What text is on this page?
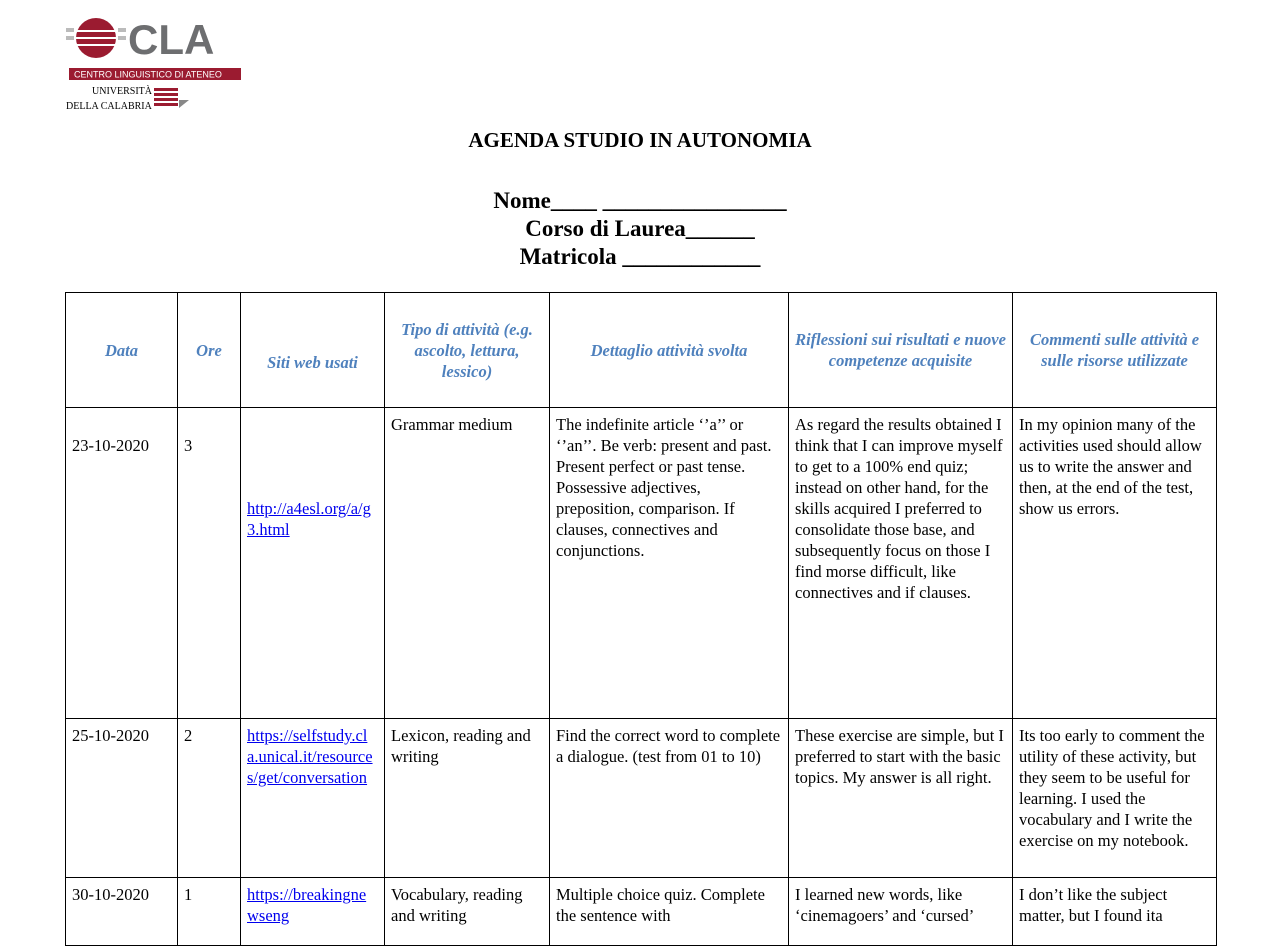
CLA
CENTRO LINGUISTICO DI ATENEO
UNIVERSITÀ
DELLA CALABRIA
AGENDA STUDIO IN AUTONOMIA
Nome____ ________________
Corso di Laurea______
Matricola ____________
Data	Ore	Siti web usati	Tipo di attività (e.g. ascolto, lettura, lessico)	Dettaglio attività svolta	Riflessioni sui risultati e nuove competenze acquisite	Commenti sulle attività e sulle risorse utilizzate
23-10-2020	3	http://a4esl.org/a/g3.html	Grammar medium	The indefinite article ‘’a’’ or ‘’an’’. Be verb: present and past. Present perfect or past tense. Possessive adjectives, preposition, comparison. If clauses, connectives and conjunctions.	As regard the results obtained I think that I can improve myself to get to a 100% end quiz; instead on other hand, for the skills acquired I preferred to consolidate those base, and subsequently focus on those I find morse difficult, like connectives and if clauses.	In my opinion many of the activities used should allow us to write the answer and then, at the end of the test, show us errors.
25-10-2020	2	https://selfstudy.cla.unical.it/resources/get/conversation	Lexicon, reading and writing	Find the correct word to complete a dialogue. (test from 01 to 10)	These exercise are simple, but I preferred to start with the basic topics. My answer is all right.	Its too early to comment the utility of these activity, but they seem to be useful for learning. I used the vocabulary and I write the exercise on my notebook.
30-10-2020	1	https://breakingnewseng	Vocabulary, reading and writing	Multiple choice quiz. Complete the sentence with	I learned new words, like ‘cinemagoers’ and ‘cursed’	I don’t like the subject matter, but I found ita
